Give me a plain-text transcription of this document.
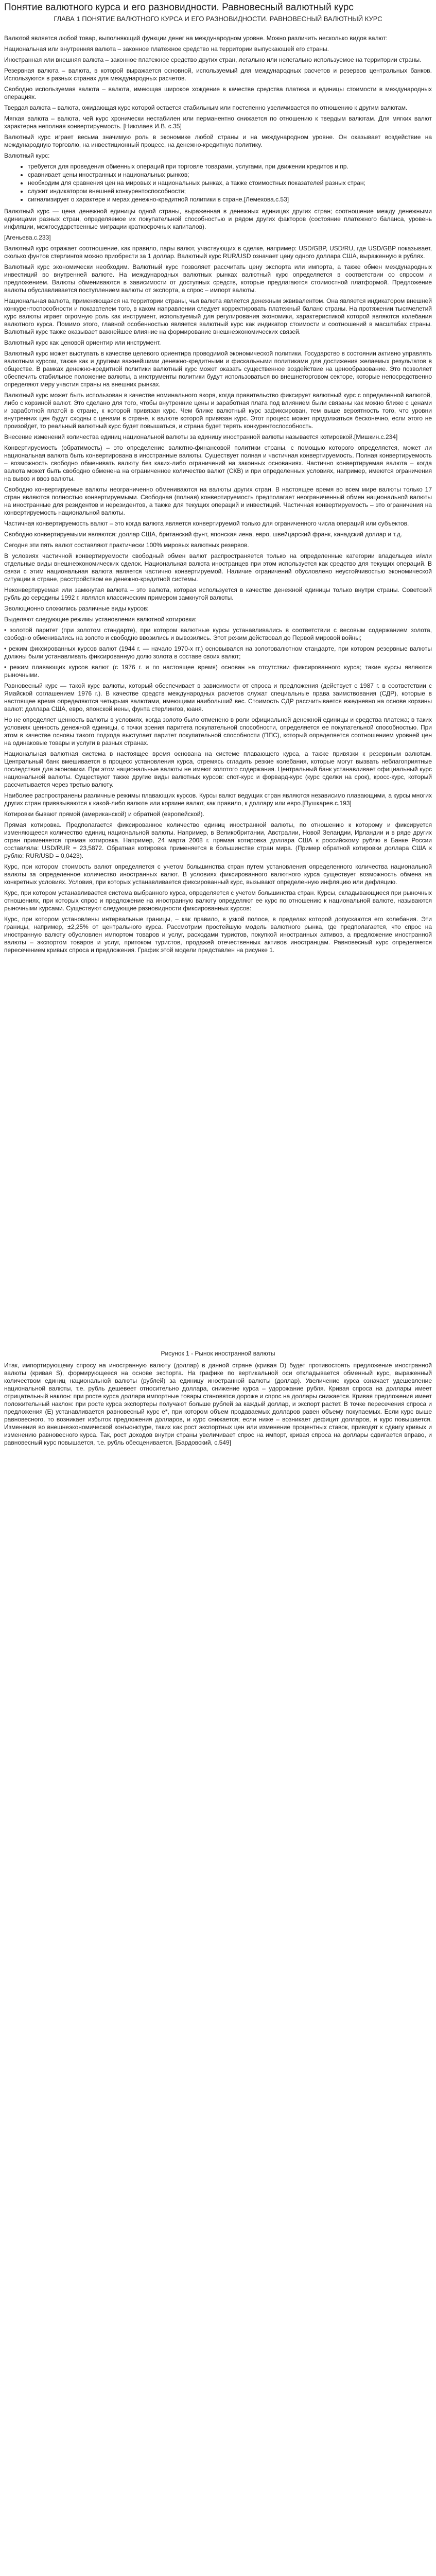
Понятие валютного курса и его разновидности. Равновесный валютный курс
ГЛАВА 1 ПОНЯТИЕ ВАЛЮТНОГО КУРСА И ЕГО РАЗНОВИДНОСТИ. РАВНОВЕСНЫЙ ВАЛЮТНЫЙ КУРС

Валютой является любой товар, выполняющий функции денег на международном уровне. Можно различить несколько видов валют:

Национальная или внутренняя валюта – законное платежное средство на территории выпускающей его страны.

Иностранная или внешняя валюта – законное платежное средство других стран, легально или нелегально используемое на территории страны.

Резервная валюта – валюта, в которой выражается основной, используемый для международных расчетов и резервов центральных банков. Используются в разных странах для международных расчетов.

Свободно используемая валюта – валюта, имеющая широкое хождение в качестве средства платежа и единицы стоимости в международных операциях.

Твердая валюта – валюта, ожидающая курс которой остается стабильным или постепенно увеличивается по отношению к другим валютам.

Мягкая валюта – валюта, чей курс хронически нестабилен или перманентно снижается по отношению к твердым валютам. Для мягких валют характерна неполная конвертируемость. [Николаев И.В. с.35]

Валютный курс играет весьма значимую роль в экономике любой страны и на международном уровне. Он оказывает воздействие на международную торговлю, на инвестиционный процесс, на денежно-кредитную политику.

Валютный курс:

• требуется для проведения обменных операций при торговле товарами, услугами, при движении кредитов и пр.
• сравнивает цены иностранных и национальных рынков;
• необходим для сравнения цен на мировых и национальных рынках, а также стоимостных показателей разных стран;
• служит индикатором внешней конкурентоспособности;
• сигнализирует о характере и мерах денежно-кредитной политики в стране.[Лемехова.с.53]

Валютный курс — цена денежной единицы одной страны, выраженная в денежных единицах других стран; соотношение между денежными единицами разных стран, определяемое их покупательной способностью и рядом других факторов (состояние платежного баланса, уровень инфляции, межгосударственные миграции краткосрочных капиталов).

[Агеньева.с.233]

Валютный курс отражает соотношение, как правило, пары валют, участвующих в сделке, например: USD/GBP, USD/RU, где USD/GBP показывает, сколько фунтов стерлингов можно приобрести за 1 доллар. Валютный курс RUR/USD означает цену одного доллара США, выраженную в рублях.

Валютный курс экономически необходим. Валютный курс позволяет рассчитать цену экспорта или импорта, а также обмен международных инвестиций во внутренней валюте. На международных валютных рынках валютный курс определяется в соответствии со спросом и предложением. Валюты обмениваются в зависимости от доступных средств, которые предлагаются стоимостной платформой. Предложение валюты обуславливается поступлением валюты от экспорта, а спрос – импорт валюты.

Национальная валюта, применяющаяся на территории страны, чья валюта является денежным эквивалентом. Она является индикатором внешней конкурентоспособности и показателем того, в каком направлении следует корректировать платежный баланс страны. На протяжении тысячелетий курс валюты играет огромную роль как инструмент, используемый для регулирования экономики, характеристикой которой являются колебания валютного курса. Помимо этого, главной особенностью является валютный курс как индикатор стоимости и соотношений в масштабах страны. Валютный курс также оказывает важнейшее влияние на формирование внешнеэкономических связей.

Валютный курс как ценовой ориентир или инструмент.

Валютный курс может выступать в качестве целевого ориентира проводимой экономической политики. Государство в состоянии активно управлять валютным курсом, также как и другими важнейшими денежно-кредитными и фискальными политиками для достижения желаемых результатов в обществе. В рамках денежно-кредитной политики валютный курс может оказать существенное воздействие на ценообразование. Это позволяет обеспечить стабильное положение валюты, а инструменты политики будут использоваться во внешнеторговом секторе, которые непосредственно определяют меру участия страны на внешних рынках.

Валютный курс может быть использован в качестве номинального якоря, когда правительство фиксирует валютный курс с определенной валютой, либо с корзиной валют. Это сделано для того, чтобы внутренние цены и заработная плата под влиянием были связаны как можно ближе с ценами и заработной платой в стране, к которой привязан курс. Чем ближе валютный курс зафиксирован, тем выше вероятность того, что уровни внутренних цен будут сходны с ценами в стране, к валюте которой привязан курс. Этот процесс может продолжаться бесконечно, если этого не произойдет, то реальный валютный курс будет повышаться, и страна будет терять конкурентоспособность.

Внесение изменений количества единиц национальной валюты за единицу иностранной валюты называется котировкой.[Мишкин.с.234]

Конвертируемость (обратимость) – это определение валютно-финансовой политики страны, с помощью которого определяется, может ли национальная валюта быть конвертирована в иностранные валюты. Существует полная и частичная конвертируемость. Полная конвертируемость – возможность свободно обменивать валюту без каких-либо ограничений на законных основаниях. Частично конвертируемая валюта – когда валюта может быть свободно обменена на ограниченное количество валют (СКВ) и при определенных условиях, например, имеются ограничения на вывоз и ввоз валюты.

Свободно конвертируемые валюты неограниченно обмениваются на валюты других стран. В настоящее время во всем мире валюты только 17 стран являются полностью конвертируемыми. Свободная (полная) конвертируемость предполагает неограниченный обмен национальной валюты на иностранные для резидентов и нерезидентов, а также для текущих операций и инвестиций. Частичная конвертируемость – это ограничения на конвертируемость национальной валюты.

Частичная конвертируемость валют – это когда валюта является конвертируемой только для ограниченного числа операций или субъектов.

Свободно конвертируемыми являются: доллар США, британский фунт, японская иена, евро, швейцарский франк, канадский доллар и т.д.

Сегодня эти пять валют составляют практически 100% мировых валютных резервов.

В условиях частичной конвертируемости свободный обмен валют распространяется только на определенные категории владельцев и/или отдельные виды внешнеэкономических сделок. Национальная валюта иностранцев при этом используется как средство для текущих операций. В связи с этим национальная валюта является частично конвертируемой. Наличие ограничений обусловлено неустойчивостью экономической ситуации в стране, расстройством ее денежно-кредитной системы.

Неконвертируемая или замкнутая валюта – это валюта, которая используется в качестве денежной единицы только внутри страны. Советский рубль до середины 1992 г. являлся классическим примером замкнутой валюты.

Эволюционно сложились различные виды курсов:

Выделяют следующие режимы установления валютной котировки:

• золотой паритет (при золотом стандарте), при котором валютные курсы устанавливались в соответствии с весовым содержанием золота, свободно обменивались на золото и свободно ввозились и вывозились. Этот режим действовал до Первой мировой войны;

• режим фиксированных курсов валют (1944 г. — начало 1970-х гг.) основывался на золотовалютном стандарте, при котором резервные валюты должны были устанавливать фиксированную долю золота в составе своих валют;

• режим плавающих курсов валют (с 1976 г. и по настоящее время) основан на отсутствии фиксированного курса; такие курсы являются рыночными.

Равновесный курс — такой курс валюты, который обеспечивает в зависимости от спроса и предложения (действует с 1987 г. в соответствии с Ямайской соглашением 1976 г.). В качестве средств международных расчетов служат специальные права заимствования (СДР), которые в настоящее время определяются четырьмя валютами, имеющими наибольший вес. Стоимость СДР рассчитывается ежедневно на основе корзины валют: доллара США, евро, японской иены, фунта стерлингов, юаня.

Но не определяет ценность валюты в условиях, когда золото было отменено в роли официальной денежной единицы и средства платежа; в таких условиях ценность денежной единицы, с точки зрения паритета покупательной способности, определяется ее покупательной способностью. При этом в качестве основы такого подхода выступает паритет покупательной способности (ППС), который определяется соотношением уровней цен на одинаковые товары и услуги в разных странах.

Национальная валютная система в настоящее время основана на системе плавающего курса, а также привязки к резервным валютам. Центральный банк вмешивается в процесс установления курса, стремясь сгладить резкие колебания, которые могут вызвать неблагоприятные последствия для экономики. При этом национальные валюты не имеют золотого содержания. Центральный банк устанавливает официальный курс национальной валюты. Существуют также другие виды валютных курсов: спот-курс и форвард-курс (курс сделки на срок), кросс-курс, который рассчитывается через третью валюту.

Наиболее распространены различные режимы плавающих курсов. Курсы валют ведущих стран являются независимо плавающими, а курсы многих других стран привязываются к какой-либо валюте или корзине валют, как правило, к доллару или евро.[Пушкарев.с.193]

Котировки бывают прямой (американской) и обратной (европейской).

Прямая котировка. Предполагается фиксированное количество единиц иностранной валюты, по отношению к которому и фиксируется изменяющееся количество единиц национальной валюты. Например, в Великобритании, Австралии, Новой Зеландии, Ирландии и в ряде других стран применяется прямая котировка. Например, 24 марта 2008 г. прямая котировка доллара США к российскому рублю в Банке России составляла: USD/RUR = 23,5872. Обратная котировка применяется в большинстве стран мира. (Пример обратной котировки доллара США к рублю: RUR/USD = 0,0423).

Курс, при котором стоимость валют определяется с учетом большинства стран путем установления определенного количества национальной валюты за определенное количество иностранных валют. В условиях фиксированного валютного курса существует возможность обмена на конкретных условиях. Условия, при которых устанавливается фиксированный курс, вызывают определенную инфляцию или дефляцию.

Курс, при котором устанавливается система выбранного курса, определяется с учетом большинства стран. Курсы, складывающиеся при рыночных отношениях, при которых спрос и предложение на иностранную валюту определяют ее курс по отношению к национальной валюте, называются рыночными курсами. Существуют следующие разновидности фиксированных курсов:

Курс, при котором установлены интервальные границы, – как правило, в узкой полосе, в пределах которой допускаются его колебания. Эти границы, например, ±2,25% от центрального курса. Рассмотрим простейшую модель валютного рынка, где предполагается, что спрос на иностранную валюту обусловлен импортом товаров и услуг, расходами туристов, покупкой иностранных активов, а предложение иностранной валюты – экспортом товаров и услуг, притоком туристов, продажей отечественных активов иностранцам. Равновесный курс определяется пересечением кривых спроса и предложения. График этой модели представлен на рисунке 1.

Рисунок 1 - Рынок иностранной валюты

Итак, импортирующему спросу на иностранную валюту (доллар) в данной стране (кривая D) будет противостоять предложение иностранной валюты (кривая S), формирующееся на основе экспорта. На графике по вертикальной оси откладывается обменный курс, выраженный количеством единиц национальной валюты (рублей) за единицу иностранной валюты (доллар). Увеличение курса означает удешевление национальной валюты, т.е. рубль дешевеет относительно доллара, снижение курса – удорожание рубля. Кривая спроса на доллары имеет отрицательный наклон: при росте курса доллара импортные товары становятся дороже и спрос на доллары снижается. Кривая предложения имеет положительный наклон: при росте курса экспортеры получают больше рублей за каждый доллар, и экспорт растет. В точке пересечения спроса и предложения (E) устанавливается равновесный курс e*, при котором объем продаваемых долларов равен объему покупаемых. Если курс выше равновесного, то возникает избыток предложения долларов, и курс снижается; если ниже – возникает дефицит долларов, и курс повышается. Изменения во внешнеэкономической конъюнктуре, таких как рост экспортных цен или изменение процентных ставок, приводят к сдвигу кривых и изменению равновесного курса. Так, рост доходов внутри страны увеличивает спрос на импорт, кривая спроса на доллары сдвигается вправо, и равновесный курс повышается, т.е. рубль обесценивается. [Бардовский, с.549]
